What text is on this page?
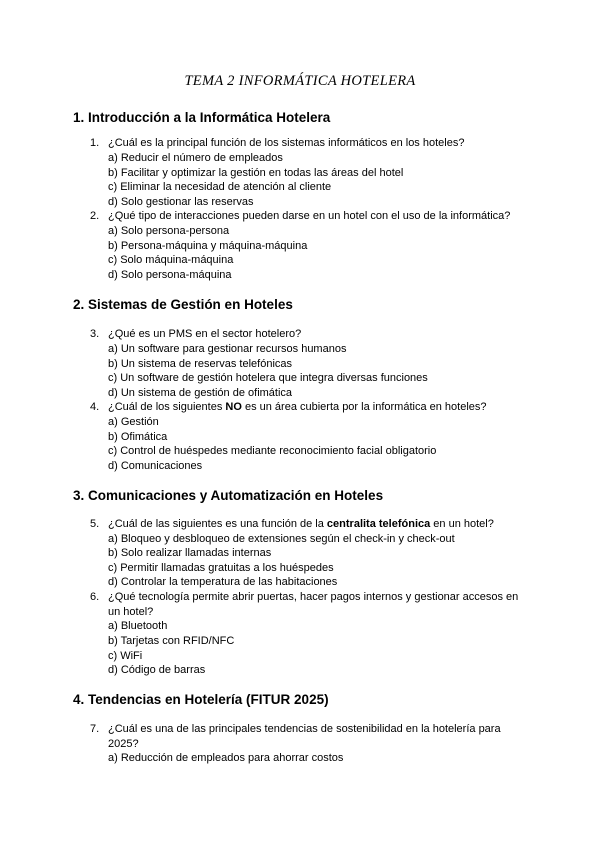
TEMA 2 INFORMÁTICA HOTELERA
1. Introducción a la Informática Hotelera
1. ¿Cuál es la principal función de los sistemas informáticos en los hoteles?
a) Reducir el número de empleados
b) Facilitar y optimizar la gestión en todas las áreas del hotel
c) Eliminar la necesidad de atención al cliente
d) Solo gestionar las reservas
2. ¿Qué tipo de interacciones pueden darse en un hotel con el uso de la informática?
a) Solo persona-persona
b) Persona-máquina y máquina-máquina
c) Solo máquina-máquina
d) Solo persona-máquina
2. Sistemas de Gestión en Hoteles
3. ¿Qué es un PMS en el sector hotelero?
a) Un software para gestionar recursos humanos
b) Un sistema de reservas telefónicas
c) Un software de gestión hotelera que integra diversas funciones
d) Un sistema de gestión de ofimática
4. ¿Cuál de los siguientes NO es un área cubierta por la informática en hoteles?
a) Gestión
b) Ofimática
c) Control de huéspedes mediante reconocimiento facial obligatorio
d) Comunicaciones
3. Comunicaciones y Automatización en Hoteles
5. ¿Cuál de las siguientes es una función de la centralita telefónica en un hotel?
a) Bloqueo y desbloqueo de extensiones según el check-in y check-out
b) Solo realizar llamadas internas
c) Permitir llamadas gratuitas a los huéspedes
d) Controlar la temperatura de las habitaciones
6. ¿Qué tecnología permite abrir puertas, hacer pagos internos y gestionar accesos en
un hotel?
a) Bluetooth
b) Tarjetas con RFID/NFC
c) WiFi
d) Código de barras
4. Tendencias en Hotelería (FITUR 2025)
7. ¿Cuál es una de las principales tendencias de sostenibilidad en la hotelería para
2025?
a) Reducción de empleados para ahorrar costos
